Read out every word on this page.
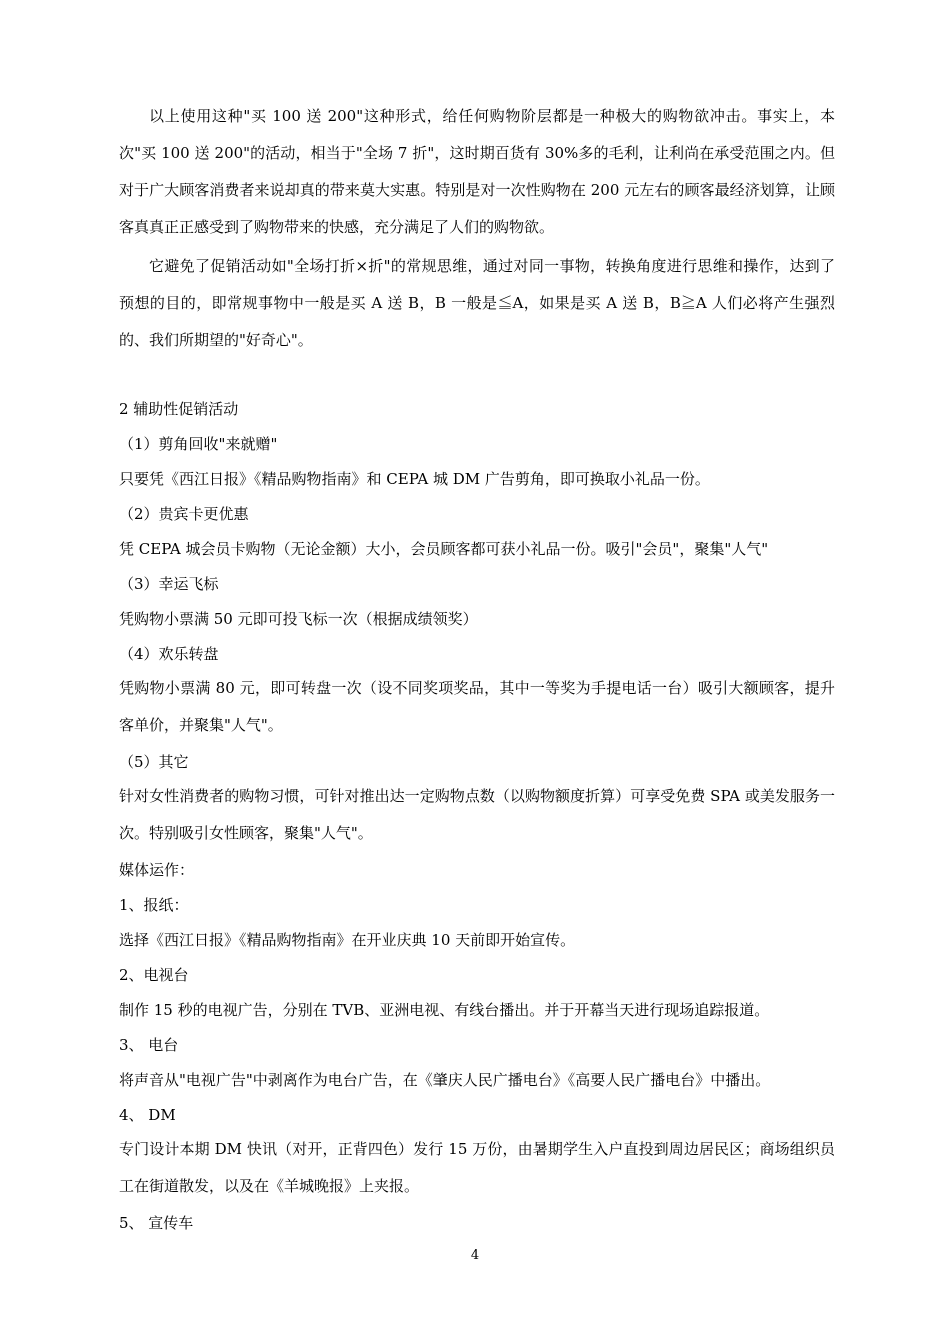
以上使用这种"买 100 送 200"这种形式，给任何购物阶层都是一种极大的购物欲冲击。事实上，本次"买 100 送 200"的活动，相当于"全场 7 折"，这时期百货有 30%多的毛利，让利尚在承受范围之内。但对于广大顾客消费者来说却真的带来莫大实惠。特别是对一次性购物在 200 元左右的顾客最经济划算，让顾客真真正正感受到了购物带来的快感，充分满足了人们的购物欲。

它避免了促销活动如"全场打折×折"的常规思维，通过对同一事物，转换角度进行思维和操作，达到了预想的目的，即常规事物中一般是买 A 送 B，B 一般是≦A，如果是买 A 送 B，B≧A 人们必将产生强烈的、我们所期望的"好奇心"。

2 辅助性促销活动

（1）剪角回收"来就赠"

只要凭《西江日报》《精品购物指南》和 CEPA 城 DM 广告剪角，即可换取小礼品一份。

（2）贵宾卡更优惠

凭 CEPA 城会员卡购物（无论金额）大小，会员顾客都可获小礼品一份。吸引"会员"，聚集"人气"

（3）幸运飞标

凭购物小票满 50 元即可投飞标一次（根据成绩领奖）

（4）欢乐转盘

凭购物小票满 80 元，即可转盘一次（设不同奖项奖品，其中一等奖为手提电话一台）吸引大额顾客，提升客单价，并聚集"人气"。

（5）其它

针对女性消费者的购物习惯，可针对推出达一定购物点数（以购物额度折算）可享受免费 SPA 或美发服务一次。特别吸引女性顾客，聚集"人气"。

媒体运作：

1、报纸：

选择《西江日报》《精品购物指南》在开业庆典 10 天前即开始宣传。

2、电视台

制作 15 秒的电视广告，分别在 TVB、亚洲电视、有线台播出。并于开幕当天进行现场追踪报道。

3、 电台

将声音从"电视广告"中剥离作为电台广告，在《肇庆人民广播电台》《高要人民广播电台》中播出。

4、 DM

专门设计本期 DM 快讯（对开，正背四色）发行 15 万份，由暑期学生入户直投到周边居民区；商场组织员工在街道散发，以及在《羊城晚报》上夹报。

5、 宣传车

4
